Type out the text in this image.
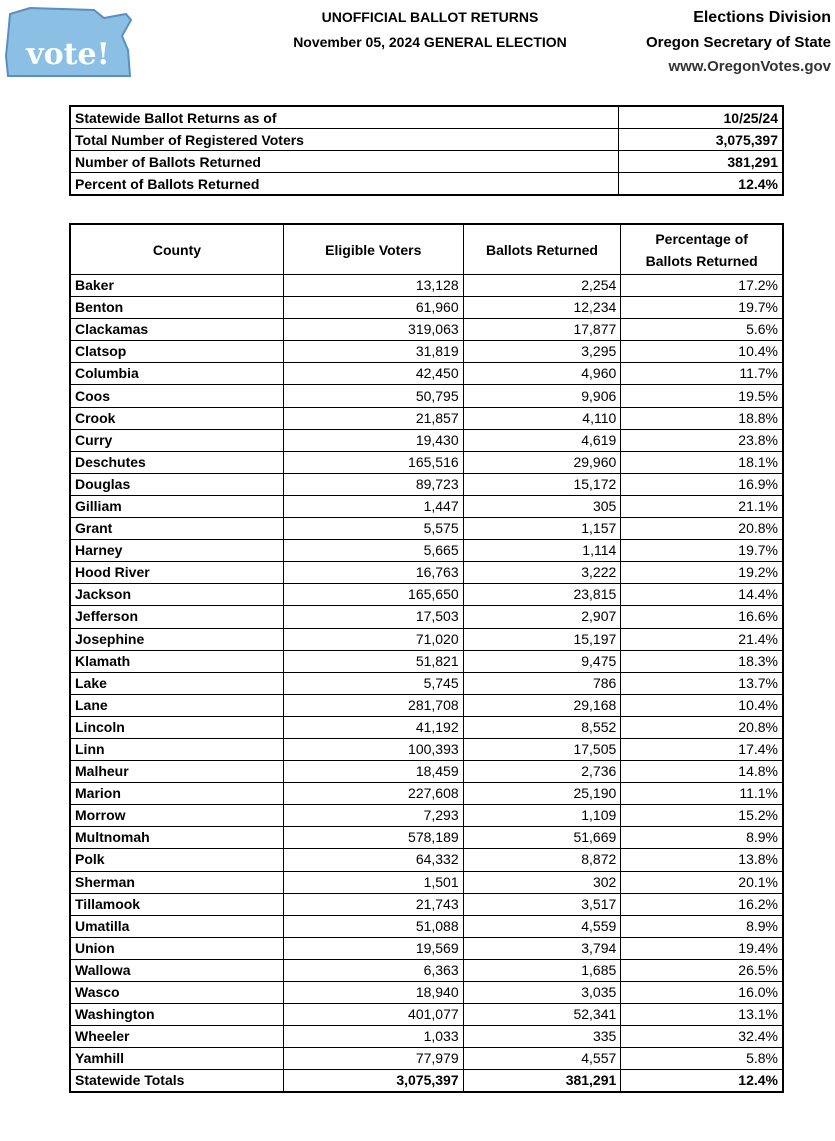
vote!
UNOFFICIAL BALLOT RETURNS
November 05, 2024 GENERAL ELECTION
Elections Division
Oregon Secretary of State
www.OregonVotes.gov
Statewide Ballot Returns as of	10/25/24
Total Number of Registered Voters	3,075,397
Number of Ballots Returned	381,291
Percent of Ballots Returned	12.4%
County	Eligible Voters	Ballots Returned	Percentage of
Ballots Returned
Baker	13,128	2,254	17.2%
Benton	61,960	12,234	19.7%
Clackamas	319,063	17,877	5.6%
Clatsop	31,819	3,295	10.4%
Columbia	42,450	4,960	11.7%
Coos	50,795	9,906	19.5%
Crook	21,857	4,110	18.8%
Curry	19,430	4,619	23.8%
Deschutes	165,516	29,960	18.1%
Douglas	89,723	15,172	16.9%
Gilliam	1,447	305	21.1%
Grant	5,575	1,157	20.8%
Harney	5,665	1,114	19.7%
Hood River	16,763	3,222	19.2%
Jackson	165,650	23,815	14.4%
Jefferson	17,503	2,907	16.6%
Josephine	71,020	15,197	21.4%
Klamath	51,821	9,475	18.3%
Lake	5,745	786	13.7%
Lane	281,708	29,168	10.4%
Lincoln	41,192	8,552	20.8%
Linn	100,393	17,505	17.4%
Malheur	18,459	2,736	14.8%
Marion	227,608	25,190	11.1%
Morrow	7,293	1,109	15.2%
Multnomah	578,189	51,669	8.9%
Polk	64,332	8,872	13.8%
Sherman	1,501	302	20.1%
Tillamook	21,743	3,517	16.2%
Umatilla	51,088	4,559	8.9%
Union	19,569	3,794	19.4%
Wallowa	6,363	1,685	26.5%
Wasco	18,940	3,035	16.0%
Washington	401,077	52,341	13.1%
Wheeler	1,033	335	32.4%
Yamhill	77,979	4,557	5.8%
Statewide Totals	3,075,397	381,291	12.4%
